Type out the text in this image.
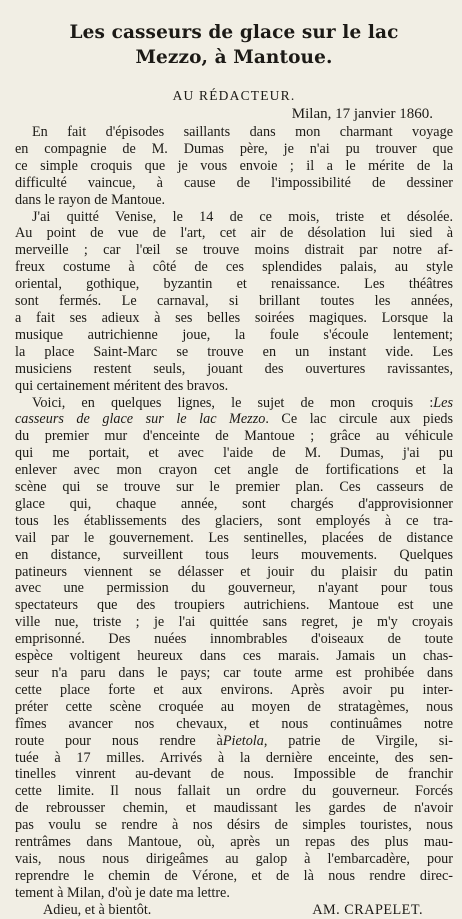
Les casseurs de glace sur le lac
Mezzo, à Mantoue.
AU RÉDACTEUR.
Milan, 17 janvier 1860.
En fait d'épisodes saillants dans mon charmant voyage
en compagnie de M. Dumas père, je n'ai pu trouver que
ce simple croquis que je vous envoie ; il a le mérite de la
difficulté vaincue, à cause de l'impossibilité de dessiner
dans le rayon de Mantoue.
J'ai quitté Venise, le 14 de ce mois, triste et désolée.
Au point de vue de l'art, cet air de désolation lui sied à
merveille ; car l'œil se trouve moins distrait par notre af-
freux costume à côté de ces splendides palais, au style
oriental, gothique, byzantin et renaissance. Les théâtres
sont fermés. Le carnaval, si brillant toutes les années,
a fait ses adieux à ses belles soirées magiques. Lorsque la
musique autrichienne joue, la foule s'écoule lentement;
la place Saint-Marc se trouve en un instant vide. Les
musiciens restent seuls, jouant des ouvertures ravissantes,
qui certainement méritent des bravos.
Voici, en quelques lignes, le sujet de mon croquis :Les
casseurs de glace sur le lac Mezzo. Ce lac circule aux pieds
du premier mur d'enceinte de Mantoue ; grâce au véhicule
qui me portait, et avec l'aide de M. Dumas, j'ai pu
enlever avec mon crayon cet angle de fortifications et la
scène qui se trouve sur le premier plan. Ces casseurs de
glace qui, chaque année, sont chargés d'approvisionner
tous les établissements des glaciers, sont employés à ce tra-
vail par le gouvernement. Les sentinelles, placées de distance
en distance, surveillent tous leurs mouvements. Quelques
patineurs viennent se délasser et jouir du plaisir du patin
avec une permission du gouverneur, n'ayant pour tous
spectateurs que des troupiers autrichiens. Mantoue est une
ville nue, triste ; je l'ai quittée sans regret, je m'y croyais
emprisonné. Des nuées innombrables d'oiseaux de toute
espèce voltigent heureux dans ces marais. Jamais un chas-
seur n'a paru dans le pays; car toute arme est prohibée dans
cette place forte et aux environs. Après avoir pu inter-
préter cette scène croquée au moyen de stratagèmes, nous
fîmes avancer nos chevaux, et nous continuâmes notre
route pour nous rendre àPietola, patrie de Virgile, si-
tuée à 17 milles. Arrivés à la dernière enceinte, des sen-
tinelles vinrent au-devant de nous. Impossible de franchir
cette limite. Il nous fallait un ordre du gouverneur. Forcés
de rebrousser chemin, et maudissant les gardes de n'avoir
pas voulu se rendre à nos désirs de simples touristes, nous
rentrâmes dans Mantoue, où, après un repas des plus mau-
vais, nous nous dirigeâmes au galop à l'embarcadère, pour
reprendre le chemin de Vérone, et de là nous rendre direc-
tement à Milan, d'où je date ma lettre.
Adieu, et à bientôt.	AM. CRAPELET.
